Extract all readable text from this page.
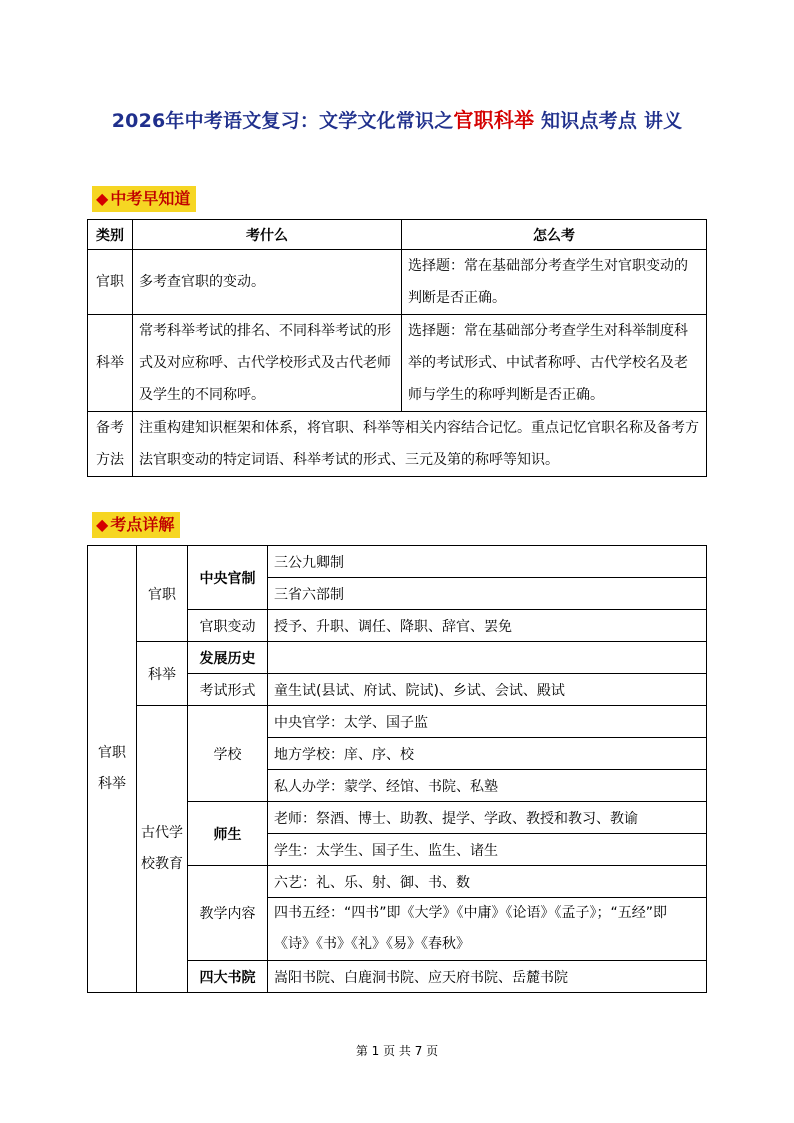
2026年中考语文复习：文学文化常识之官职科举 知识点考点 讲义
◆ 中考早知道
类别	考什么	怎么考
官职	多考查官职的变动。	选择题：常在基础部分考查学生对官职变动的判断是否正确。
科举	常考科举考试的排名、不同科举考试的形式及对应称呼、古代学校形式及古代老师及学生的不同称呼。	选择题：常在基础部分考查学生对科举制度科举的考试形式、中试者称呼、古代学校名及老师与学生的称呼判断是否正确。
备考方法	注重构建知识框架和体系，将官职、科举等相关内容结合记忆。重点记忆官职名称及备考方法官职变动的特定词语、科举考试的形式、三元及第的称呼等知识。	
◆ 考点详解
官职科举	官职	中央官制	三公九卿制
			三省六部制
		官职变动	授予、升职、调任、降职、辞官、罢免
	科举	发展历史	
		考试形式	童生试(县试、府试、院试)、乡试、会试、殿试
	古代学校教育	学校	中央官学：太学、国子监
			地方学校：庠、序、校
			私人办学：蒙学、经馆、书院、私塾
		师生	老师：祭酒、博士、助教、提学、学政、教授和教习、教谕
			学生：太学生、国子生、监生、诸生
		教学内容	六艺：礼、乐、射、御、书、数
			四书五经：“四书”即《大学》《中庸》《论语》《孟子》；“五经”即《诗》《书》《礼》《易》《春秋》
		四大书院	嵩阳书院、白鹿洞书院、应天府书院、岳麓书院
第 1 页 共 7 页
